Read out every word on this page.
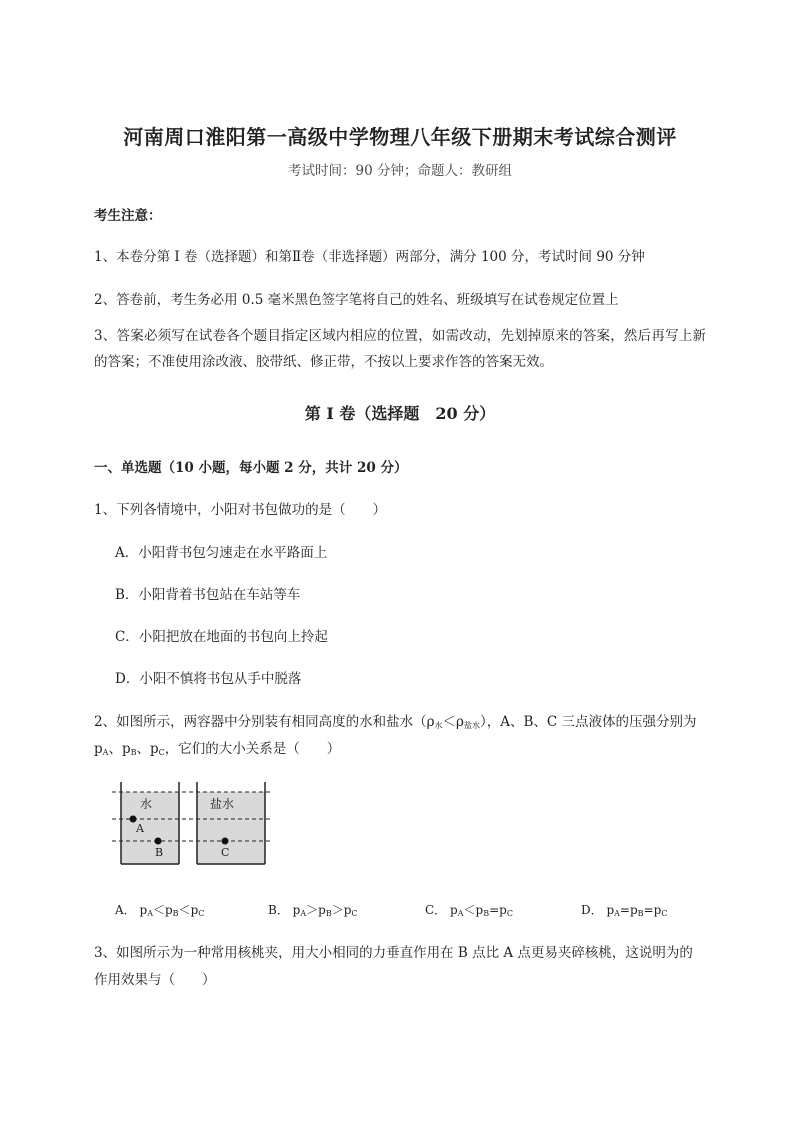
河南周口淮阳第一高级中学物理八年级下册期末考试综合测评
考试时间：90 分钟；命题人：教研组
考生注意：
1、本卷分第 I 卷（选择题）和第Ⅱ卷（非选择题）两部分，满分 100 分，考试时间 90 分钟
2、答卷前，考生务必用 0.5 毫米黑色签字笔将自己的姓名、班级填写在试卷规定位置上
3、答案必须写在试卷各个题目指定区域内相应的位置，如需改动，先划掉原来的答案，然后再写上新的答案；不准使用涂改液、胶带纸、修正带，不按以上要求作答的答案无效。
第 I 卷（选择题　20 分）
一、单选题（10 小题，每小题 2 分，共计 20 分）
1、下列各情境中，小阳对书包做功的是（　　）
A．小阳背书包匀速走在水平路面上
B．小阳背着书包站在车站等车
C．小阳把放在地面的书包向上拎起
D．小阳不慎将书包从手中脱落
2、如图所示，两容器中分别装有相同高度的水和盐水$(\rho_水<\rho_{盐水})$，A、B、C 三点液体的压强分别为
$p_A$、$p_B$、$p_C$，它们的大小关系是（　　）
水	盐水
A
B	C
A． $p_A<p_B<p_C$	B． $p_A>p_B>p_C$	C． $p_A<p_B=p_C$	D． $p_A=p_B=p_C$
3、如图所示为一种常用核桃夹，用大小相同的力垂直作用在 B 点比 A 点更易夹碎核桃，这说明为的作用效果与（　　）
